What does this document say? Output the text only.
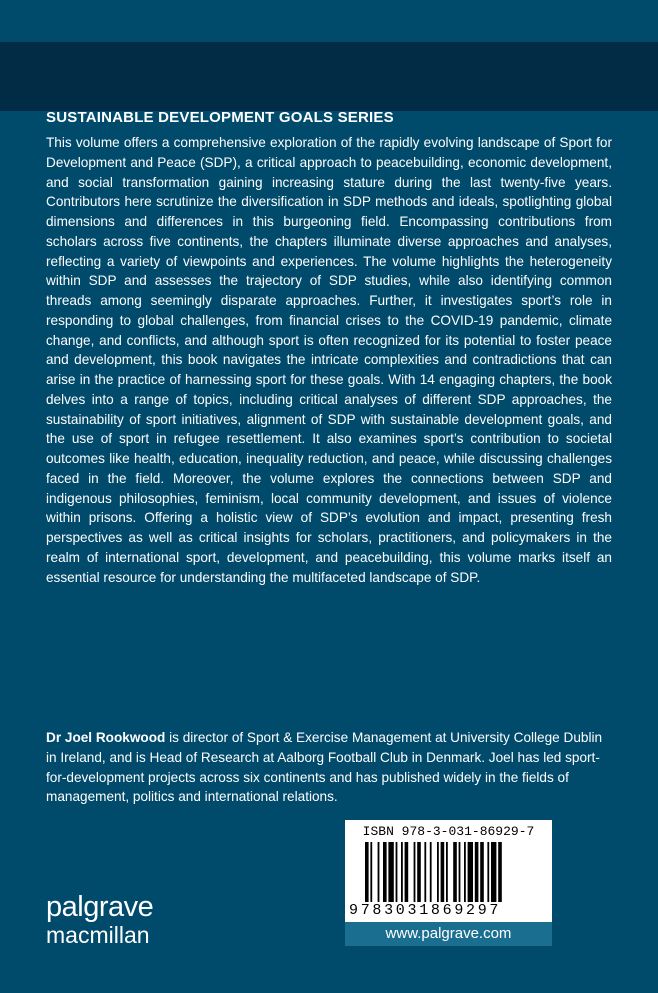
SUSTAINABLE DEVELOPMENT GOALS SERIES

This volume offers a comprehensive exploration of the rapidly evolving landscape of Sport for Development and Peace (SDP), a critical approach to peacebuilding, economic development, and social transformation gaining increasing stature during the last twenty-five years. Contributors here scrutinize the diversification in SDP methods and ideals, spotlighting global dimensions and differences in this burgeoning field. Encompassing contributions from scholars across five continents, the chapters illuminate diverse approaches and analyses, reflecting a variety of viewpoints and experiences. The volume highlights the heterogeneity within SDP and assesses the trajectory of SDP studies, while also identifying common threads among seemingly disparate approaches. Further, it investigates sport’s role in responding to global challenges, from financial crises to the COVID-19 pandemic, climate change, and conflicts, and although sport is often recognized for its potential to foster peace and development, this book navigates the intricate complexities and contradictions that can arise in the practice of harnessing sport for these goals. With 14 engaging chapters, the book delves into a range of topics, including critical analyses of different SDP approaches, the sustainability of sport initiatives, alignment of SDP with sustainable development goals, and the use of sport in refugee resettlement. It also examines sport’s contribution to societal outcomes like health, education, inequality reduction, and peace, while discussing challenges faced in the field. Moreover, the volume explores the connections between SDP and indigenous philosophies, feminism, local community development, and issues of violence within prisons. Offering a holistic view of SDP’s evolution and impact, presenting fresh perspectives as well as critical insights for scholars, practitioners, and policymakers in the realm of international sport, development, and peacebuilding, this volume marks itself an essential resource for understanding the multifaceted landscape of SDP.

Dr Joel Rookwood is director of Sport & Exercise Management at University College Dublin in Ireland, and is Head of Research at Aalborg Football Club in Denmark. Joel has led sport-for-development projects across six continents and has published widely in the fields of management, politics and international relations.

palgrave
macmillan
ISBN 978-3-031-86929-7
9783031869297
www.palgrave.com
